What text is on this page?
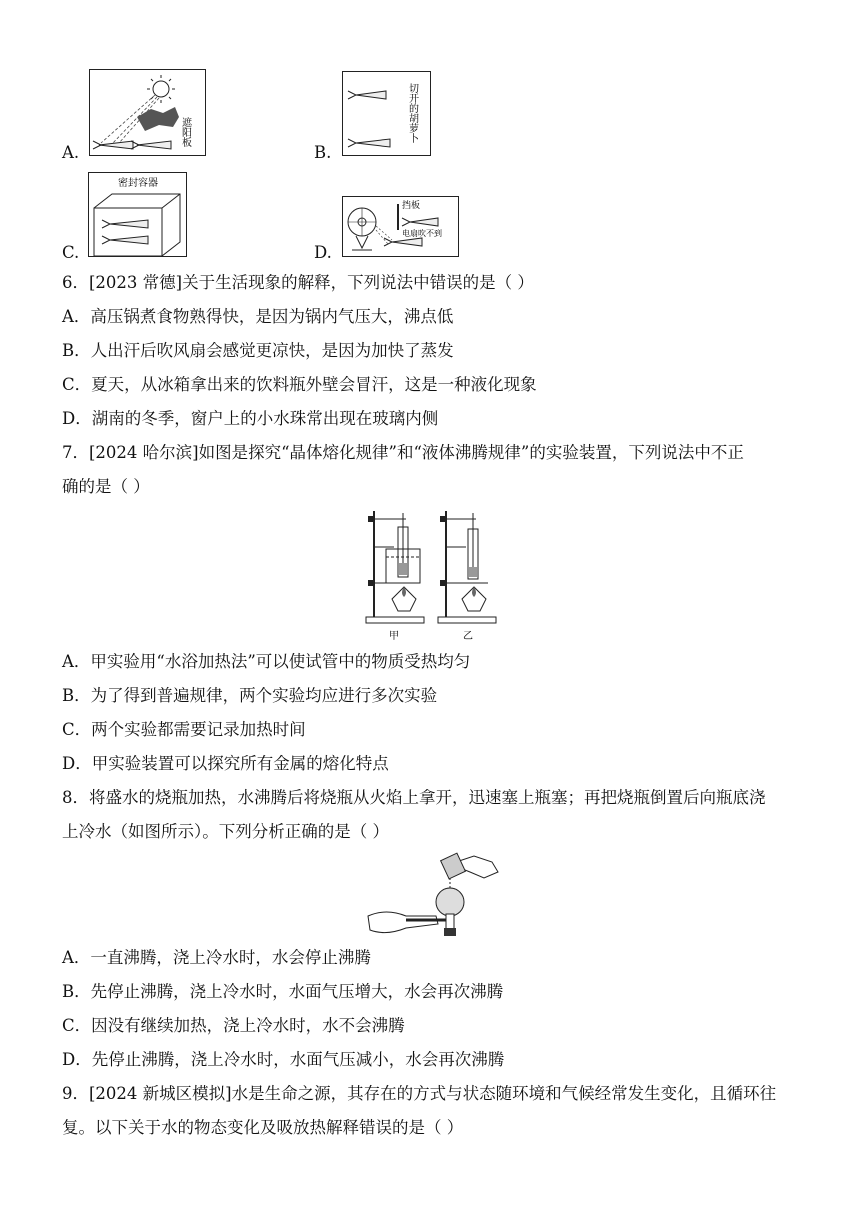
A.
遮阳板
B.
切开的胡萝卜
C.
密封容器
D.
挡板
电扇吹不到
6．[2023 常德]关于生活现象的解释，下列说法中错误的是（ ）
A．高压锅煮食物熟得快，是因为锅内气压大，沸点低
B．人出汗后吹风扇会感觉更凉快，是因为加快了蒸发
C．夏天，从冰箱拿出来的饮料瓶外壁会冒汗，这是一种液化现象
D．湖南的冬季，窗户上的小水珠常出现在玻璃内侧
7．[2024 哈尔滨]如图是探究“晶体熔化规律”和“液体沸腾规律”的实验装置，下列说法中不正
确的是（ ）
甲	乙
A．甲实验用“水浴加热法”可以使试管中的物质受热均匀
B．为了得到普遍规律，两个实验均应进行多次实验
C．两个实验都需要记录加热时间
D．甲实验装置可以探究所有金属的熔化特点
8．将盛水的烧瓶加热，水沸腾后将烧瓶从火焰上拿开，迅速塞上瓶塞；再把烧瓶倒置后向瓶底浇
上冷水（如图所示）。下列分析正确的是（ ）
A．一直沸腾，浇上冷水时，水会停止沸腾
B．先停止沸腾，浇上冷水时，水面气压增大，水会再次沸腾
C．因没有继续加热，浇上冷水时，水不会沸腾
D．先停止沸腾，浇上冷水时，水面气压减小，水会再次沸腾
9．[2024 新城区模拟]水是生命之源，其存在的方式与状态随环境和气候经常发生变化，且循环往
复。以下关于水的物态变化及吸放热解释错误的是（ ）
